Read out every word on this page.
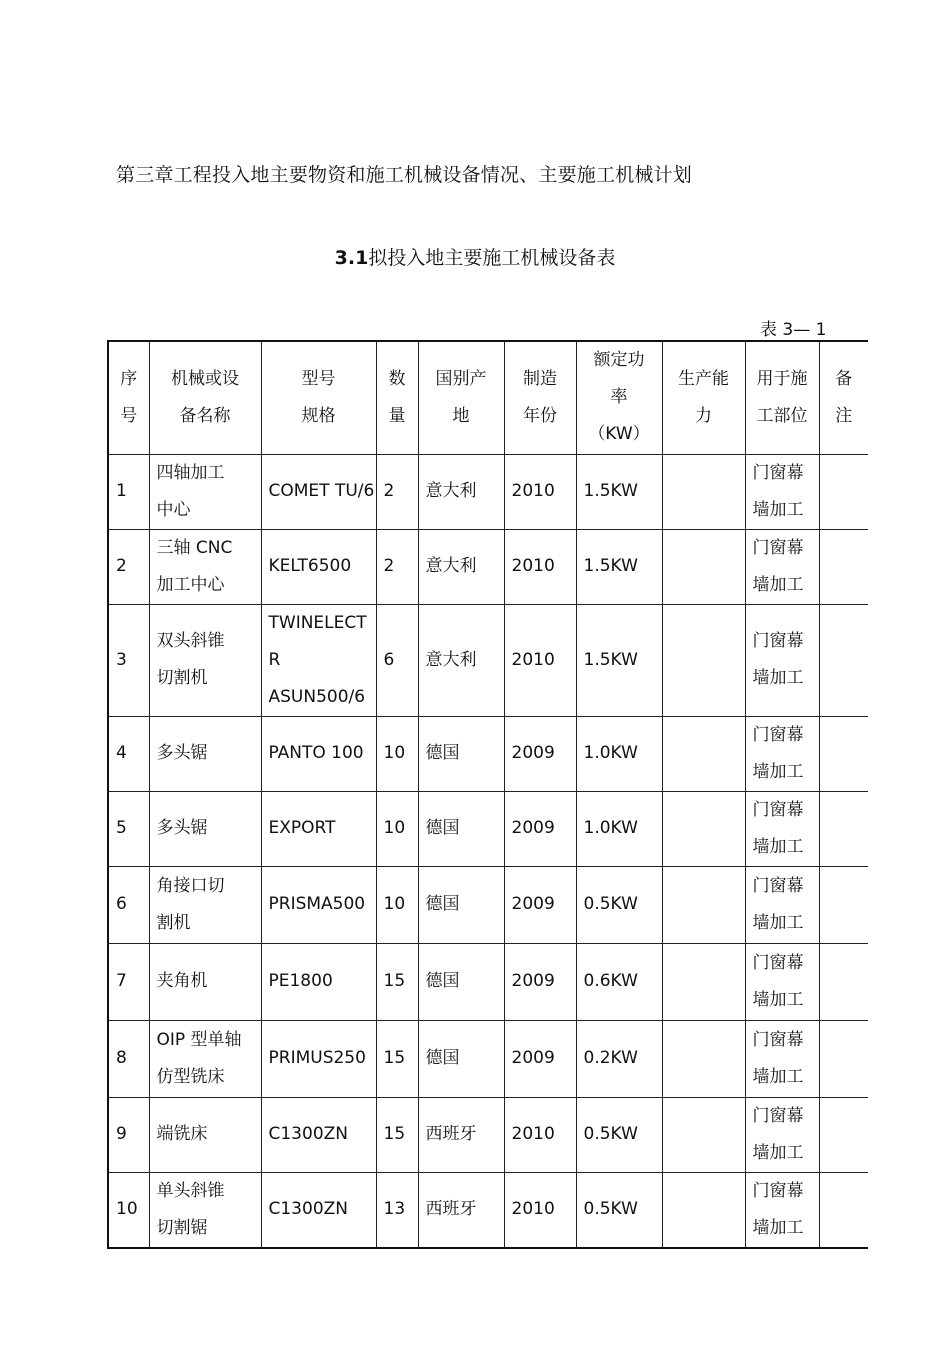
第三章工程投入地主要物资和施工机械设备情况、主要施工机械计划
3.1拟投入地主要施工机械设备表
表 3— 1
序
号	机械或设
备名称	型号
规格	数
量	国别产
地	制造
年份	额定功
率
（KW）	生产能
力	用于施
工部位	备
注

1	四轴加工
中心	COMET TU/6	2	意大利	2010	1.5KW		门窗幕
墙加工	

2	三轴 CNC
加工中心	KELT6500	2	意大利	2010	1.5KW		门窗幕
墙加工	

3	双头斜锥
切割机	TWINELECTR
ASUN500/6	6	意大利	2010	1.5KW		门窗幕
墙加工	

4	多头锯	PANTO 100	10	德国	2009	1.0KW		门窗幕
墙加工	

5	多头锯	EXPORT	10	德国	2009	1.0KW		门窗幕
墙加工	

6	角接口切
割机	PRISMA500	10	德国	2009	0.5KW		门窗幕
墙加工	

7	夹角机	PE1800	15	德国	2009	0.6KW		门窗幕
墙加工	

8	OIP 型单轴
仿型铣床	PRIMUS250	15	德国	2009	0.2KW		门窗幕
墙加工	

9	端铣床	C1300ZN	15	西班牙	2010	0.5KW		门窗幕
墙加工	

10	单头斜锥
切割锯	C1300ZN	13	西班牙	2010	0.5KW		门窗幕
墙加工	
